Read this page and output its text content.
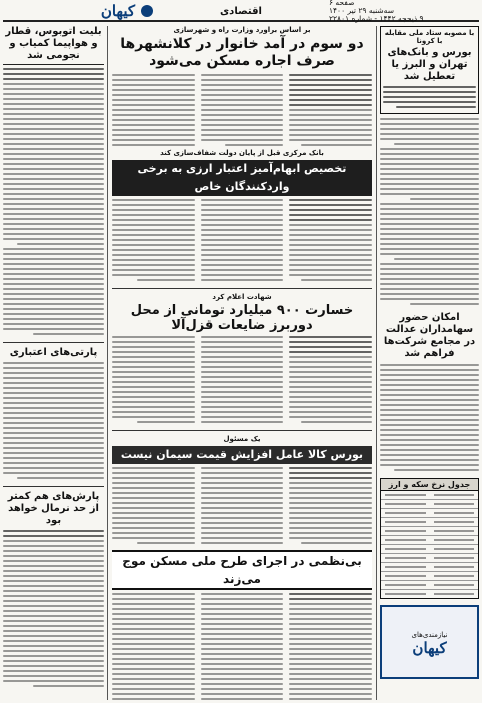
صفحه ۶
سه‌شنبه ۲۹ تیر ۱۴۰۰
۹ ذیحجه ۱۴۴۲ - شماره ۲۲۸۰۱
اقتصادی
کیهان
با مصوبه ستاد ملی مقابله با کرونا
بورس و بانک‌های تهران و البرز یا تعطیل شد
امکان حضور سهامداران عدالت در مجامع شرکت‌ها فراهم شد
جدول نرخ سکه و ارز
نیازمندی‌های
کیهان
بر اساس برآورد وزارت راه و شهرسازی
دو سوم در آمد خانوار در کلانشهرها صرف اجاره مسکن می‌شود
بانک مرکزی قبل از پایان دولت شفاف‌سازی کند
تخصیص ابهام‌آمیز اعتبار ارزی به برخی واردکنندگان خاص
شهادت اعلام کرد
خسارت ۹۰۰ میلیارد تومانی از محل دوربرز ضایعات قزل‌آلا
یک مسئول
بورس کالا عامل افزایش قیمت سیمان نیست
بی‌نظمی در اجرای طرح ملی مسکن موج می‌زند
بلیت اتوبوس، قطار و هواپیما کمیاب و نجومی شد
پارتی‌های اعتباری
پارش‌های هم کمتر از حد نرمال خواهد بود
